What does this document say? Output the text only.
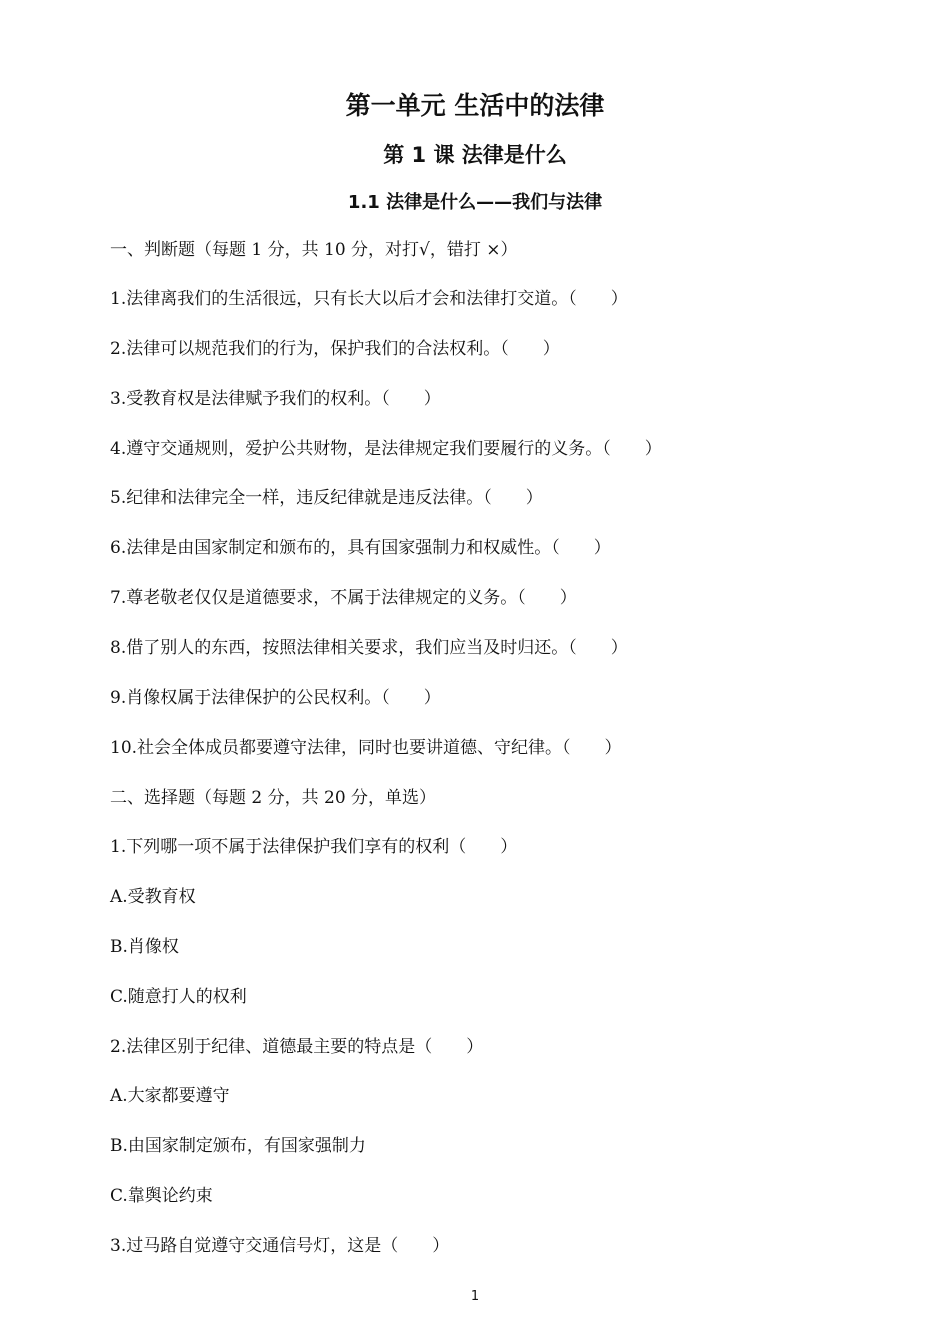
第一单元 生活中的法律
第 1 课 法律是什么
1.1 法律是什么——我们与法律

一、判断题（每题 1 分，共 10 分，对打√，错打 ×）

1.法律离我们的生活很远，只有长大以后才会和法律打交道。（　　）

2.法律可以规范我们的行为，保护我们的合法权利。（　　）

3.受教育权是法律赋予我们的权利。（　　）

4.遵守交通规则，爱护公共财物，是法律规定我们要履行的义务。（　　）

5.纪律和法律完全一样，违反纪律就是违反法律。（　　）

6.法律是由国家制定和颁布的，具有国家强制力和权威性。（　　）

7.尊老敬老仅仅是道德要求，不属于法律规定的义务。（　　）

8.借了别人的东西，按照法律相关要求，我们应当及时归还。（　　）

9.肖像权属于法律保护的公民权利。（　　）

10.社会全体成员都要遵守法律，同时也要讲道德、守纪律。（　　）

二、选择题（每题 2 分，共 20 分，单选）

1.下列哪一项不属于法律保护我们享有的权利（　　）

A.受教育权

B.肖像权

C.随意打人的权利

2.法律区别于纪律、道德最主要的特点是（　　）

A.大家都要遵守

B.由国家制定颁布，有国家强制力

C.靠舆论约束

3.过马路自觉遵守交通信号灯，这是（　　）

1
